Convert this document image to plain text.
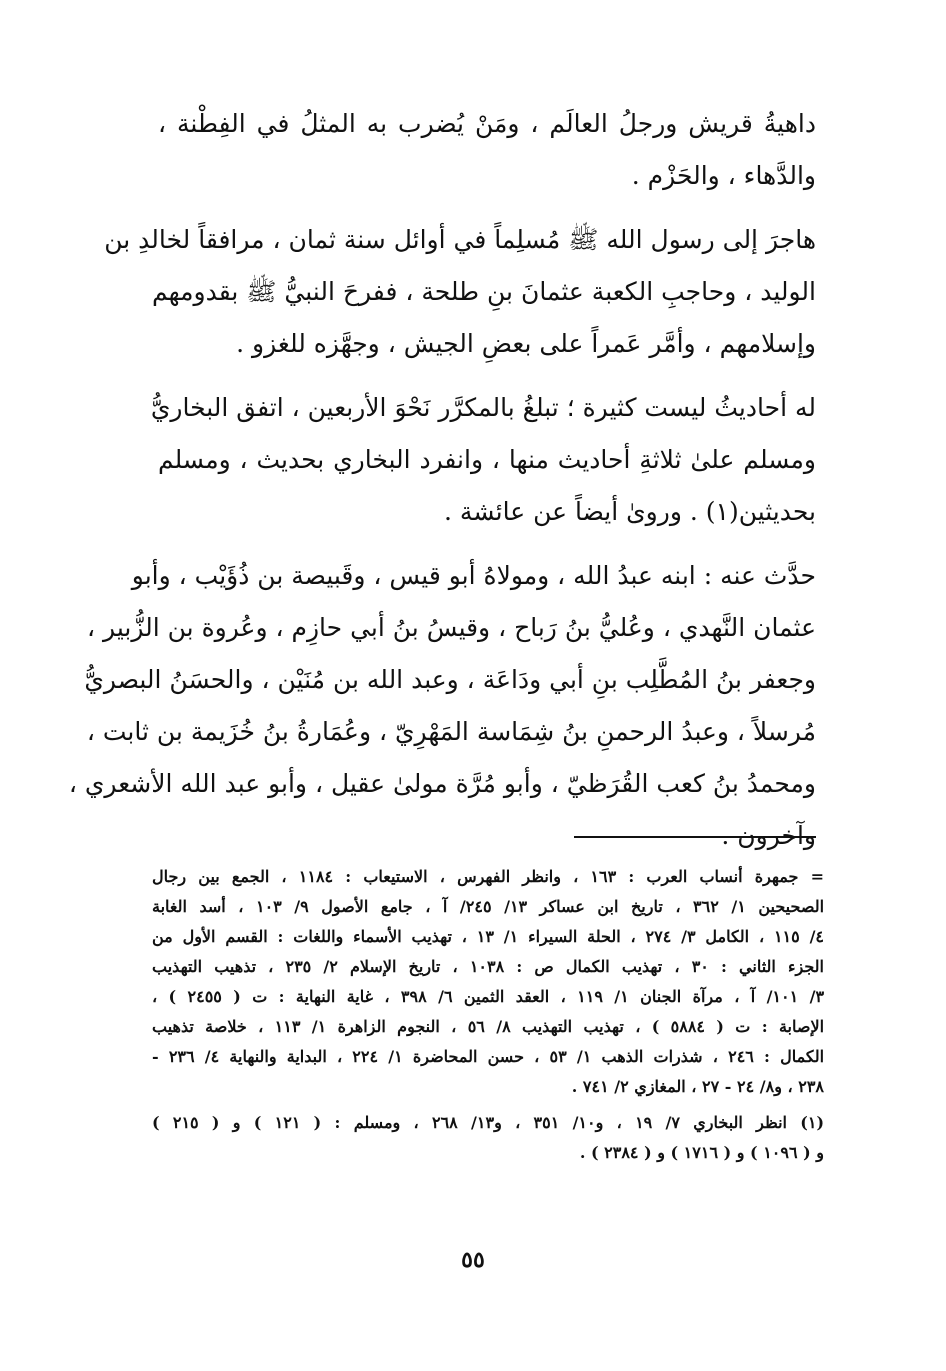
داهيةُ قريش ورجلُ العالَم ، ومَنْ يُضرب به المثلُ في الفِطْنة ،
والدَّهاء ، والحَزْم .
هاجرَ إلى رسول الله ﷺ مُسلِماً في أوائل سنة ثمان ، مرافقاً لخالدِ بن
الوليد ، وحاجبِ الكعبة عثمانَ بنِ طلحة ، ففرحَ النبيُّ ﷺ بقدومهم
وإسلامهم ، وأمَّر عَمراً على بعضِ الجيش ، وجهَّزه للغزو .
له أحاديثُ ليست كثيرة ؛ تبلغُ بالمكرَّر نَحْوَ الأربعين ، اتفق البخاريُّ
ومسلم علىٰ ثلاثةِ أحاديث منها ، وانفرد البخاري بحديث ، ومسلم
بحديثين(١) . وروىٰ أيضاً عن عائشة .
حدَّث عنه : ابنه عبدُ الله ، ومولاهُ أبو قيس ، وقَبيصة بن ذُؤَيْب ، وأبو
عثمان النَّهدي ، وعُليُّ بنُ رَباح ، وقيسُ بنُ أبي حازِم ، وعُروة بن الزُّبير ،
وجعفر بنُ المُطَّلِب بنِ أبي ودَاعَة ، وعبد الله بن مُنَيْن ، والحسَنُ البصريُّ
مُرسلاً ، وعبدُ الرحمنِ بنُ شِمَاسة المَهْرِيّ ، وعُمَارةُ بنُ خُزَيمة بن ثابت ،
ومحمدُ بنُ كعب القُرَظيّ ، وأبو مُرَّة مولىٰ عقيل ، وأبو عبد الله الأشعري ،
وآخرون .
= جمهرة أنساب العرب : ١٦٣ ، وانظر الفهرس ، الاستيعاب : ١١٨٤ ، الجمع بين رجال
الصحيحين ١/ ٣٦٢ ، تاريخ ابن عساكر ١٣/ ٢٤٥/ آ ، جامع الأصول ٩/ ١٠٣ ، أسد الغابة
٤/ ١١٥ ، الكامل ٣/ ٢٧٤ ، الحلة السيراء ١/ ١٣ ، تهذيب الأسماء واللغات : القسم الأول من
الجزء الثاني : ٣٠ ، تهذيب الكمال ص : ١٠٣٨ ، تاريخ الإسلام ٢/ ٢٣٥ ، تذهيب التهذيب
٣/ ١٠١/ آ ، مرآة الجنان ١/ ١١٩ ، العقد الثمين ٦/ ٣٩٨ ، غاية النهاية : ت ( ٢٤٥٥ ) ،
الإصابة : ت ( ٥٨٨٤ ) ، تهذيب التهذيب ٨/ ٥٦ ، النجوم الزاهرة ١/ ١١٣ ، خلاصة تذهيب
الكمال : ٢٤٦ ، شذرات الذهب ١/ ٥٣ ، حسن المحاضرة ١/ ٢٢٤ ، البداية والنهاية ٤/ ٢٣٦ -
٢٣٨ ، و٨/ ٢٤ - ٢٧ ، المغازي ٢/ ٧٤١ .
(١) انظر البخاري ٧/ ١٩ ، و١٠/ ٣٥١ ، و١٣/ ٢٦٨ ، ومسلم : ( ١٢١ ) و ( ٢١٥ )
و ( ١٠٩٦ ) و ( ١٧١٦ ) و ( ٢٣٨٤ ) .
٥٥
